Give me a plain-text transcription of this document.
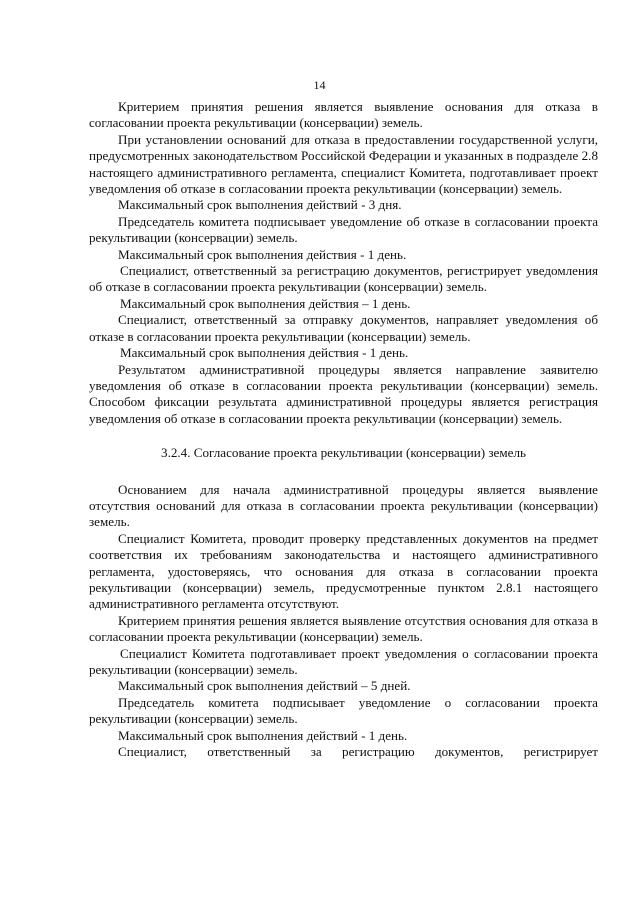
14

Критерием принятия решения является выявление основания для отказа в согласовании проекта рекультивации (консервации) земель.

При установлении оснований для отказа в предоставлении государственной услуги, предусмотренных законодательством Российской Федерации и указанных в подразделе 2.8 настоящего административного регламента, специалист Комитета, подготавливает проект уведомления об отказе в согласовании проекта рекультивации (консервации) земель.

Максимальный срок выполнения действий - 3 дня.

Председатель комитета подписывает уведомление об отказе в согласовании проекта рекультивации (консервации) земель.

Максимальный срок выполнения действия - 1 день.

Специалист, ответственный за регистрацию документов, регистрирует уведомления об отказе в согласовании проекта рекультивации (консервации) земель.

Максимальный срок выполнения действия – 1 день.

Специалист, ответственный за отправку документов, направляет уведомления об отказе в согласовании проекта рекультивации (консервации) земель.

Максимальный срок выполнения действия - 1 день.

Результатом административной процедуры является направление заявителю уведомления об отказе в согласовании проекта рекультивации (консервации) земель. Способом фиксации результата административной процедуры является регистрация уведомления об отказе в согласовании проекта рекультивации (консервации) земель.

3.2.4. Согласование проекта рекультивации (консервации) земель

Основанием для начала административной процедуры является выявление отсутствия оснований для отказа в согласовании проекта рекультивации (консервации) земель.

Специалист Комитета, проводит проверку представленных документов на предмет соответствия их требованиям законодательства и настоящего административного регламента, удостоверяясь, что основания для отказа в согласовании проекта рекультивации (консервации) земель, предусмотренные пунктом 2.8.1 настоящего административного регламента отсутствуют.

Критерием принятия решения является выявление отсутствия основания для отказа в согласовании проекта рекультивации (консервации) земель.

Специалист Комитета подготавливает проект уведомления о согласовании проекта рекультивации (консервации) земель.

Максимальный срок выполнения действий – 5 дней.

Председатель комитета подписывает уведомление о согласовании проекта рекультивации (консервации) земель.

Максимальный срок выполнения действий - 1 день.

Специалист, ответственный за регистрацию документов, регистрирует
